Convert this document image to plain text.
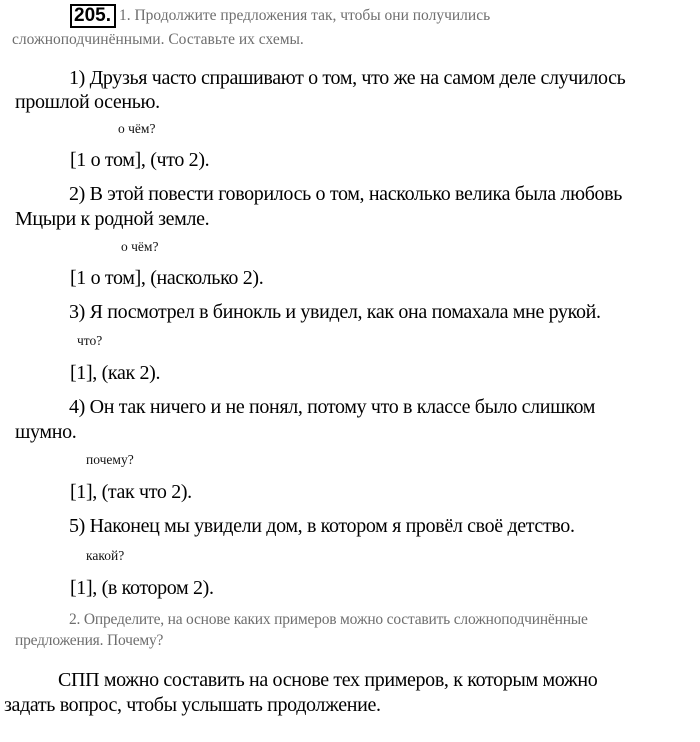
205. 1. Продолжите предложения так, чтобы они получились
сложноподчинёнными. Составьте их схемы.
1) Друзья часто спрашивают о том, что же на самом деле случилось
прошлой осенью.
о чём?
[1 о том], (что 2).
2) В этой повести говорилось о том, насколько велика была любовь
Мцыри к родной земле.
о чём?
[1 о том], (насколько 2).
3) Я посмотрел в бинокль и увидел, как она помахала мне рукой.
что?
[1], (как 2).
4) Он так ничего и не понял, потому что в классе было слишком
шумно.
почему?
[1], (так что 2).
5) Наконец мы увидели дом, в котором я провёл своё детство.
какой?
[1], (в котором 2).
2. Определите, на основе каких примеров можно составить сложноподчинённые
предложения. Почему?
СПП можно составить на основе тех примеров, к которым можно
задать вопрос, чтобы услышать продолжение.
